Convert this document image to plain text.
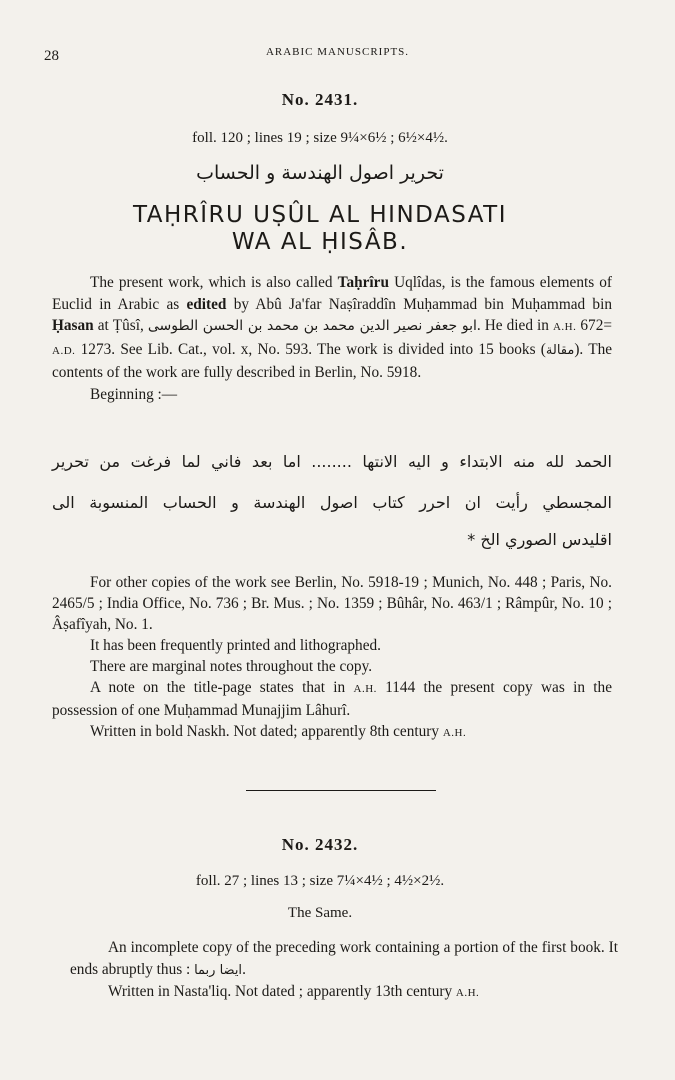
28	ARABIC MANUSCRIPTS.
No. 2431.
foll. 120 ; lines 19 ; size 9¼×6½ ; 6½×4½.
تحرير اصول الهندسة و الحساب
TAḤRÎRU UṢÛL AL HINDASATI
WA AL ḤISÂB.

The present work, which is also called Taḥrîru Uqlîdas, is the famous elements of Euclid in Arabic as edited by Abû Ja'far Naṣîraddîn Muḥammad bin Muḥammad bin Ḥasan at Ṭûsî, ابو جعفر نصير الدين محمد بن محمد بن الحسن الطوسی. He died in A.H. 672= A.D. 1273. See Lib. Cat., vol. x, No. 593. The work is divided into 15 books (مقالة). The contents of the work are fully described in Berlin, No. 5918.

Beginning :—

الحمد لله منه الابتداء و اليه الانتها ........ اما بعد فاني لما فرغت من تحرير
المجسطي رأيت ان احرر كتاب اصول الهندسة و الحساب المنسوبة الى
اقليدس الصوري الخ *

For other copies of the work see Berlin, No. 5918-19 ; Munich, No. 448 ; Paris, No. 2465/5 ; India Office, No. 736 ; Br. Mus. ; No. 1359 ; Bûhâr, No. 463/1 ; Râmpûr, No. 10 ; Âṣafîyah, No. 1.

It has been frequently printed and lithographed.

There are marginal notes throughout the copy.

A note on the title-page states that in A.H. 1144 the present copy was in the possession of one Muḥammad Munajjim Lâhurî.

Written in bold Naskh. Not dated; apparently 8th century A.H.

No. 2432.
foll. 27 ; lines 13 ; size 7¼×4½ ; 4½×2½.
The Same.

An incomplete copy of the preceding work containing a portion of the first book. It ends abruptly thus : ايضا ربما.

Written in Nasta'liq. Not dated ; apparently 13th century A.H.
